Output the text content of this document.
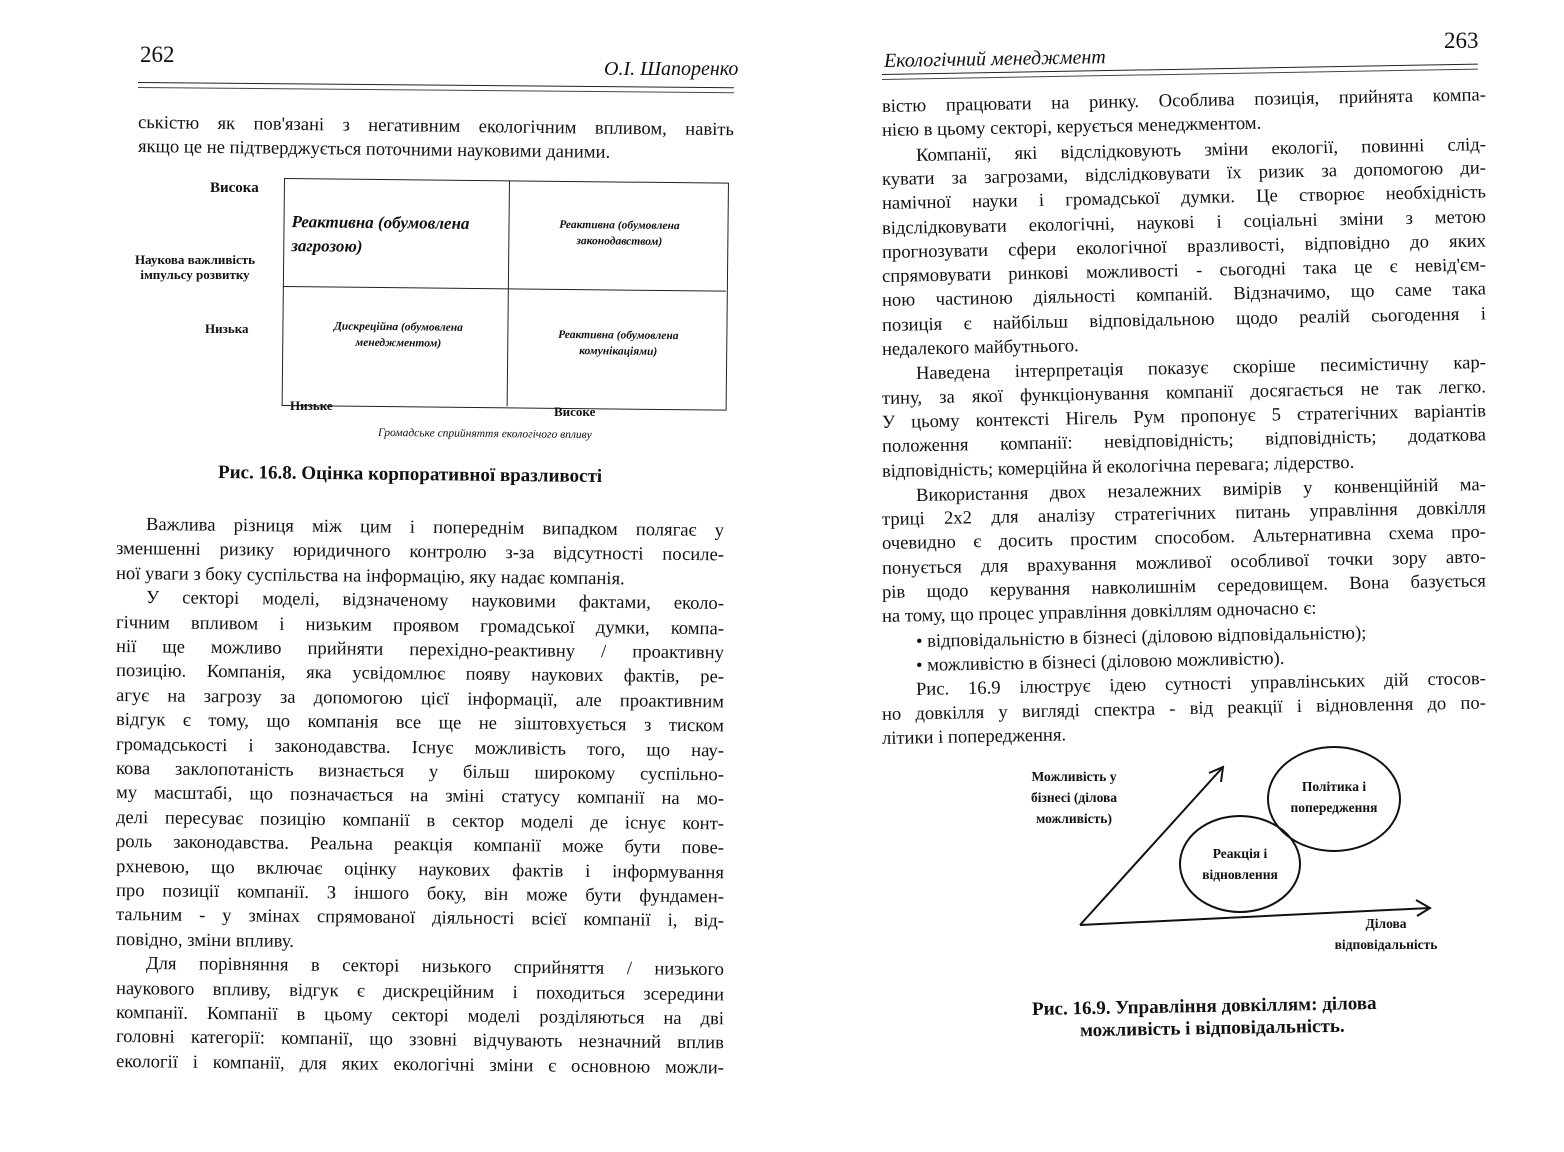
262
О.І. Шапоренко
ськістю як пов'язані з негативним екологічним впливом, навіть
якщо це не підтверджується поточними науковими даними.
Висока
Наукова важливість імпульсу розвитку
Низька
Реактивна (обумовлена загрозою)
Реактивна (обумовлена законодавством)
Дискреційна (обумовлена менеджментом)
Реактивна (обумовлена комунікаціями)
Низьке	Високе
Громадське сприйняття екологічого впливу
Рис. 16.8. Оцінка корпоративної вразливості
Важлива різниця між цим і попереднім випадком полягає у
зменшенні ризику юридичного контролю з-за відсутності посиле-
ної уваги з боку суспільства на інформацію, яку надає компанія.
У секторі моделі, відзначеному науковими фактами, еколо-
гічним впливом і низьким проявом громадської думки, компа-
нії ще можливо прийняти перехідно-реактивну / проактивну
позицію. Компанія, яка усвідомлює появу наукових фактів, ре-
агує на загрозу за допомогою цієї інформації, але проактивним
відгук є тому, що компанія все ще не зіштовхується з тиском
громадськості і законодавства. Існує можливість того, що нау-
кова заклопотаність визнається у більш широкому суспільно-
му масштабі, що позначається на зміні статусу компанії на мо-
делі пересуває позицію компанії в сектор моделі де існує конт-
роль законодавства. Реальна реакція компанії може бути пове-
рхневою, що включає оцінку наукових фактів і інформування
про позиції компанії. З іншого боку, він може бути фундамен-
тальним - у змінах спрямованої діяльності всієї компанії і, від-
повідно, зміни впливу.
Для порівняння в секторі низького сприйняття / низького
наукового впливу, відгук є дискреційним і походиться зсередини
компанії. Компанії в цьому секторі моделі розділяються на дві
головні категорії: компанії, що ззовні відчувають незначний вплив
екології і компанії, для яких екологічні зміни є основною можли-
263
Екологічний менеджмент
вістю працювати на ринку. Особлива позиція, прийнята компа-
нією в цьому секторі, керується менеджментом.
Компанії, які відслідковують зміни екології, повинні слід-
кувати за загрозами, відслідковувати їх ризик за допомогою ди-
намічної науки і громадської думки. Це створює необхідність
відслідковувати екологічні, наукові і соціальні зміни з метою
прогнозувати сфери екологічної вразливості, відповідно до яких
спрямовувати ринкові можливості - сьогодні така це є невід'єм-
ною частиною діяльності компаній. Відзначимо, що саме така
позиція є найбільш відповідальною щодо реалій сьогодення і
недалекого майбутнього.
Наведена інтерпретація показує скоріше песимістичну кар-
тину, за якої функціонування компанії досягається не так легко.
У цьому контексті Нігель Рум пропонує 5 стратегічних варіантів
положення компанії: невідповідність; відповідність; додаткова
відповідність; комерційна й екологічна перевага; лідерство.
Використання двох незалежних вимірів у конвенційній ма-
триці 2х2 для аналізу стратегічних питань управління довкілля
очевидно є досить простим способом. Альтернативна схема про-
понується для врахування можливої особливої точки зору авто-
рів щодо керування навколишнім середовищем. Вона базується
на тому, що процес управління довкіллям одночасно є:
• відповідальністю в бізнесі (діловою відповідальністю);
• можливістю в бізнесі (діловою можливістю).
Рис. 16.9 ілюструє ідею сутності управлінських дій стосов-
но довкілля у вигляді спектра - від реакції і відновлення до по-
літики і попередження.
Можливість у бізнесі (ділова можливість)
Реакція і відновлення
Політика і попередження
Ділова відповідальність
Рис. 16.9. Управління довкіллям: ділова
можливість і відповідальність.
